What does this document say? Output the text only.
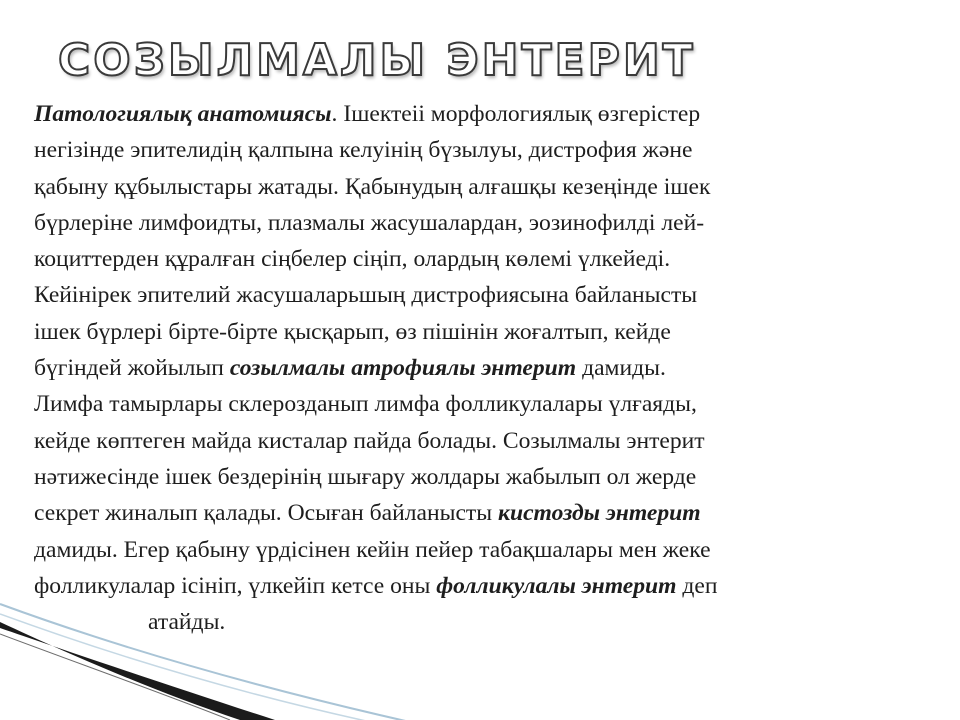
СОЗЫЛМАЛЫ ЭНТЕРИТ
Патологиялық анатомиясы. Ішектеіі морфологиялық өзгерістер
негізінде эпителидің қалпына келуінің бүзылуы, дистрофия және
қабыну құбылыстары жатады. Қабынудың алғашқы кезеңінде ішек
бүрлеріне лимфоидты, плазмалы жасушалардан, эозинофилді лей-
коциттерден құралған сіңбелер сіңіп, олардың көлемі үлкейеді.
Кейінірек эпителий жасушаларьшың дистрофиясына байланысты
ішек бүрлері бірте-бірте қысқарып, өз пішінін жоғалтып, кейде
бүгіндей жойылып созылмалы атрофиялы энтерит дамиды.
Лимфа тамырлары склерозданып лимфа фолликулалары үлғаяды,
кейде көптеген майда кисталар пайда болады. Созылмалы энтерит
нәтижесінде ішек бездерінің шығару жолдары жабылып ол жерде
секрет жиналып қалады. Осыған байланысты кистозды энтерит
дамиды. Егер қабыну үрдісінен кейін пейер табақшалары мен жеке
фолликулалар ісініп, үлкейіп кетсе оны фолликулалы энтерит деп
атайды.
